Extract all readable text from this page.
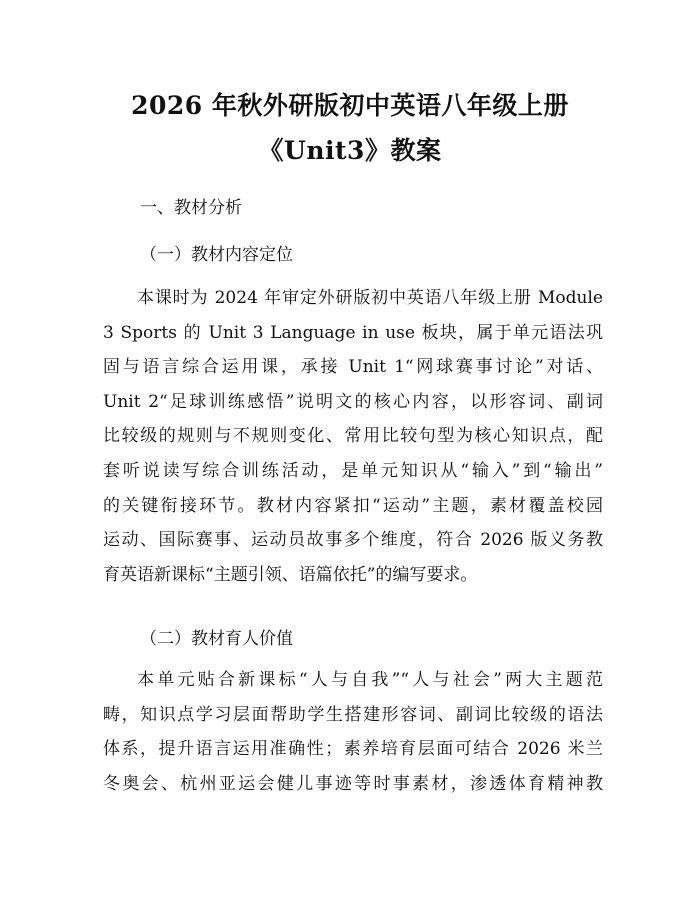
2026 年秋外研版初中英语八年级上册
《Unit3》教案
一、教材分析
（一）教材内容定位
本课时为 2024 年审定外研版初中英语八年级上册 Module
3 Sports 的 Unit 3 Language in use 板块，属于单元语法巩
固与语言综合运用课，承接 Unit 1“网球赛事讨论”对话、
Unit 2“足球训练感悟”说明文的核心内容，以形容词、副词
比较级的规则与不规则变化、常用比较句型为核心知识点，配
套听说读写综合训练活动，是单元知识从“输入”到“输出”
的关键衔接环节。教材内容紧扣“运动”主题，素材覆盖校园
运动、国际赛事、运动员故事多个维度，符合 2026 版义务教
育英语新课标“主题引领、语篇依托”的编写要求。
（二）教材育人价值
本单元贴合新课标“人与自我”“人与社会”两大主题范
畴，知识点学习层面帮助学生搭建形容词、副词比较级的语法
体系，提升语言运用准确性；素养培育层面可结合 2026 米兰
冬奥会、杭州亚运会健儿事迹等时事素材，渗透体育精神教
